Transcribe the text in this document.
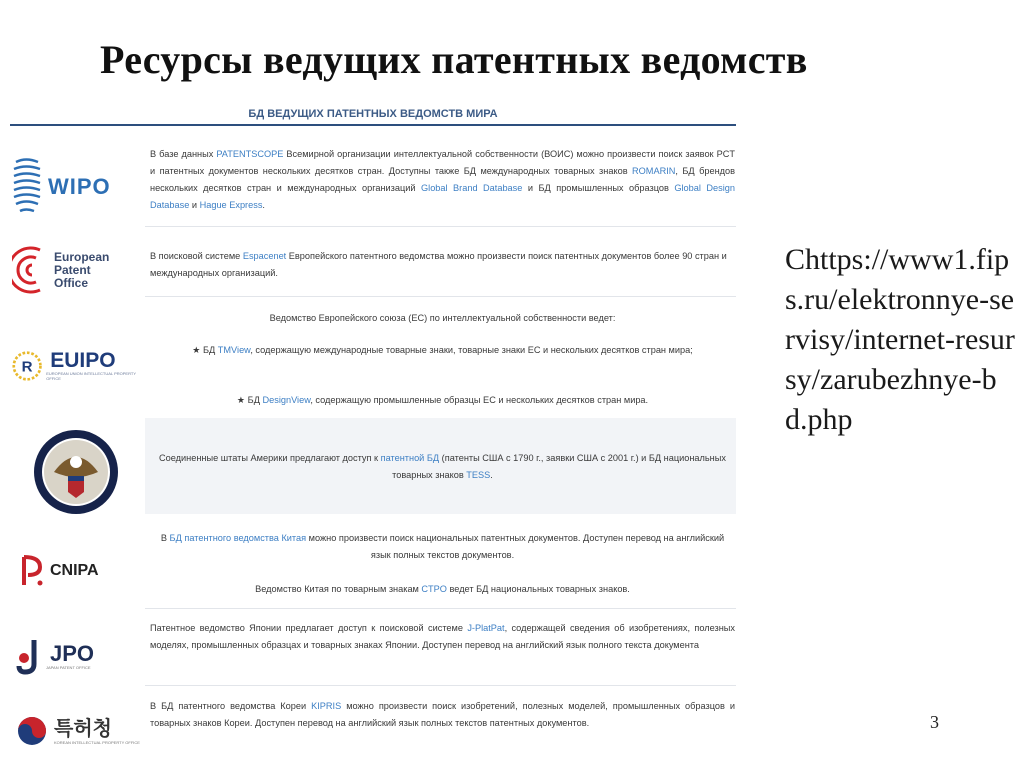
Ресурсы ведущих патентных ведомств
БД ВЕДУЩИХ ПАТЕНТНЫХ ВЕДОМСТВ МИРА
WIPO
В базе данных PATENTSCOPE Всемирной организации интеллектуальной собственности (ВОИС) можно произвести поиск заявок PCT и патентных документов нескольких десятков стран. Доступны также БД международных товарных знаков ROMARIN, БД брендов нескольких десятков стран и международных организаций Global Brand Database и БД промышленных образцов Global Design Database и Hague Express.
European
Patent
Office
В поисковой системе Espacenet Европейского патентного ведомства можно произвести поиск патентных документов более 90 стран и международных организаций.
R EUIPO
EUROPEAN UNION INTELLECTUAL PROPERTY OFFICE
Ведомство Европейского союза (ЕС) по интеллектуальной собственности ведет:
★ БД TMView, содержащую международные товарные знаки, товарные знаки ЕС и нескольких десятков стран мира;
★ БД DesignView, содержащую промышленные образцы ЕС и нескольких десятков стран мира.
Соединенные штаты Америки предлагают доступ к патентной БД (патенты США с 1790 г., заявки США с 2001 г.) и БД национальных товарных знаков TESS.
CNIPA
В БД патентного ведомства Китая можно произвести поиск национальных патентных документов. Доступен перевод на английский язык полных текстов документов.
Ведомство Китая по товарным знакам CTPO ведет БД национальных товарных знаков.
JPO
JAPAN PATENT OFFICE
Патентное ведомство Японии предлагает доступ к поисковой системе J-PlatPat, содержащей сведения об изобретениях, полезных моделях, промышленных образцах и товарных знаках Японии. Доступен перевод на английский язык полного текста документа
특허청
KOREAN INTELLECTUAL PROPERTY OFFICE
В БД патентного ведомства Кореи KIPRIS можно произвести поиск изобретений, полезных моделей, промышленных образцов и товарных знаков Кореи. Доступен перевод на английский язык полных текстов патентных документов.
Chttps://www1.fips.ru/elektronnye-servisy/internet-resursy/zarubezhnye-bd.php
3
